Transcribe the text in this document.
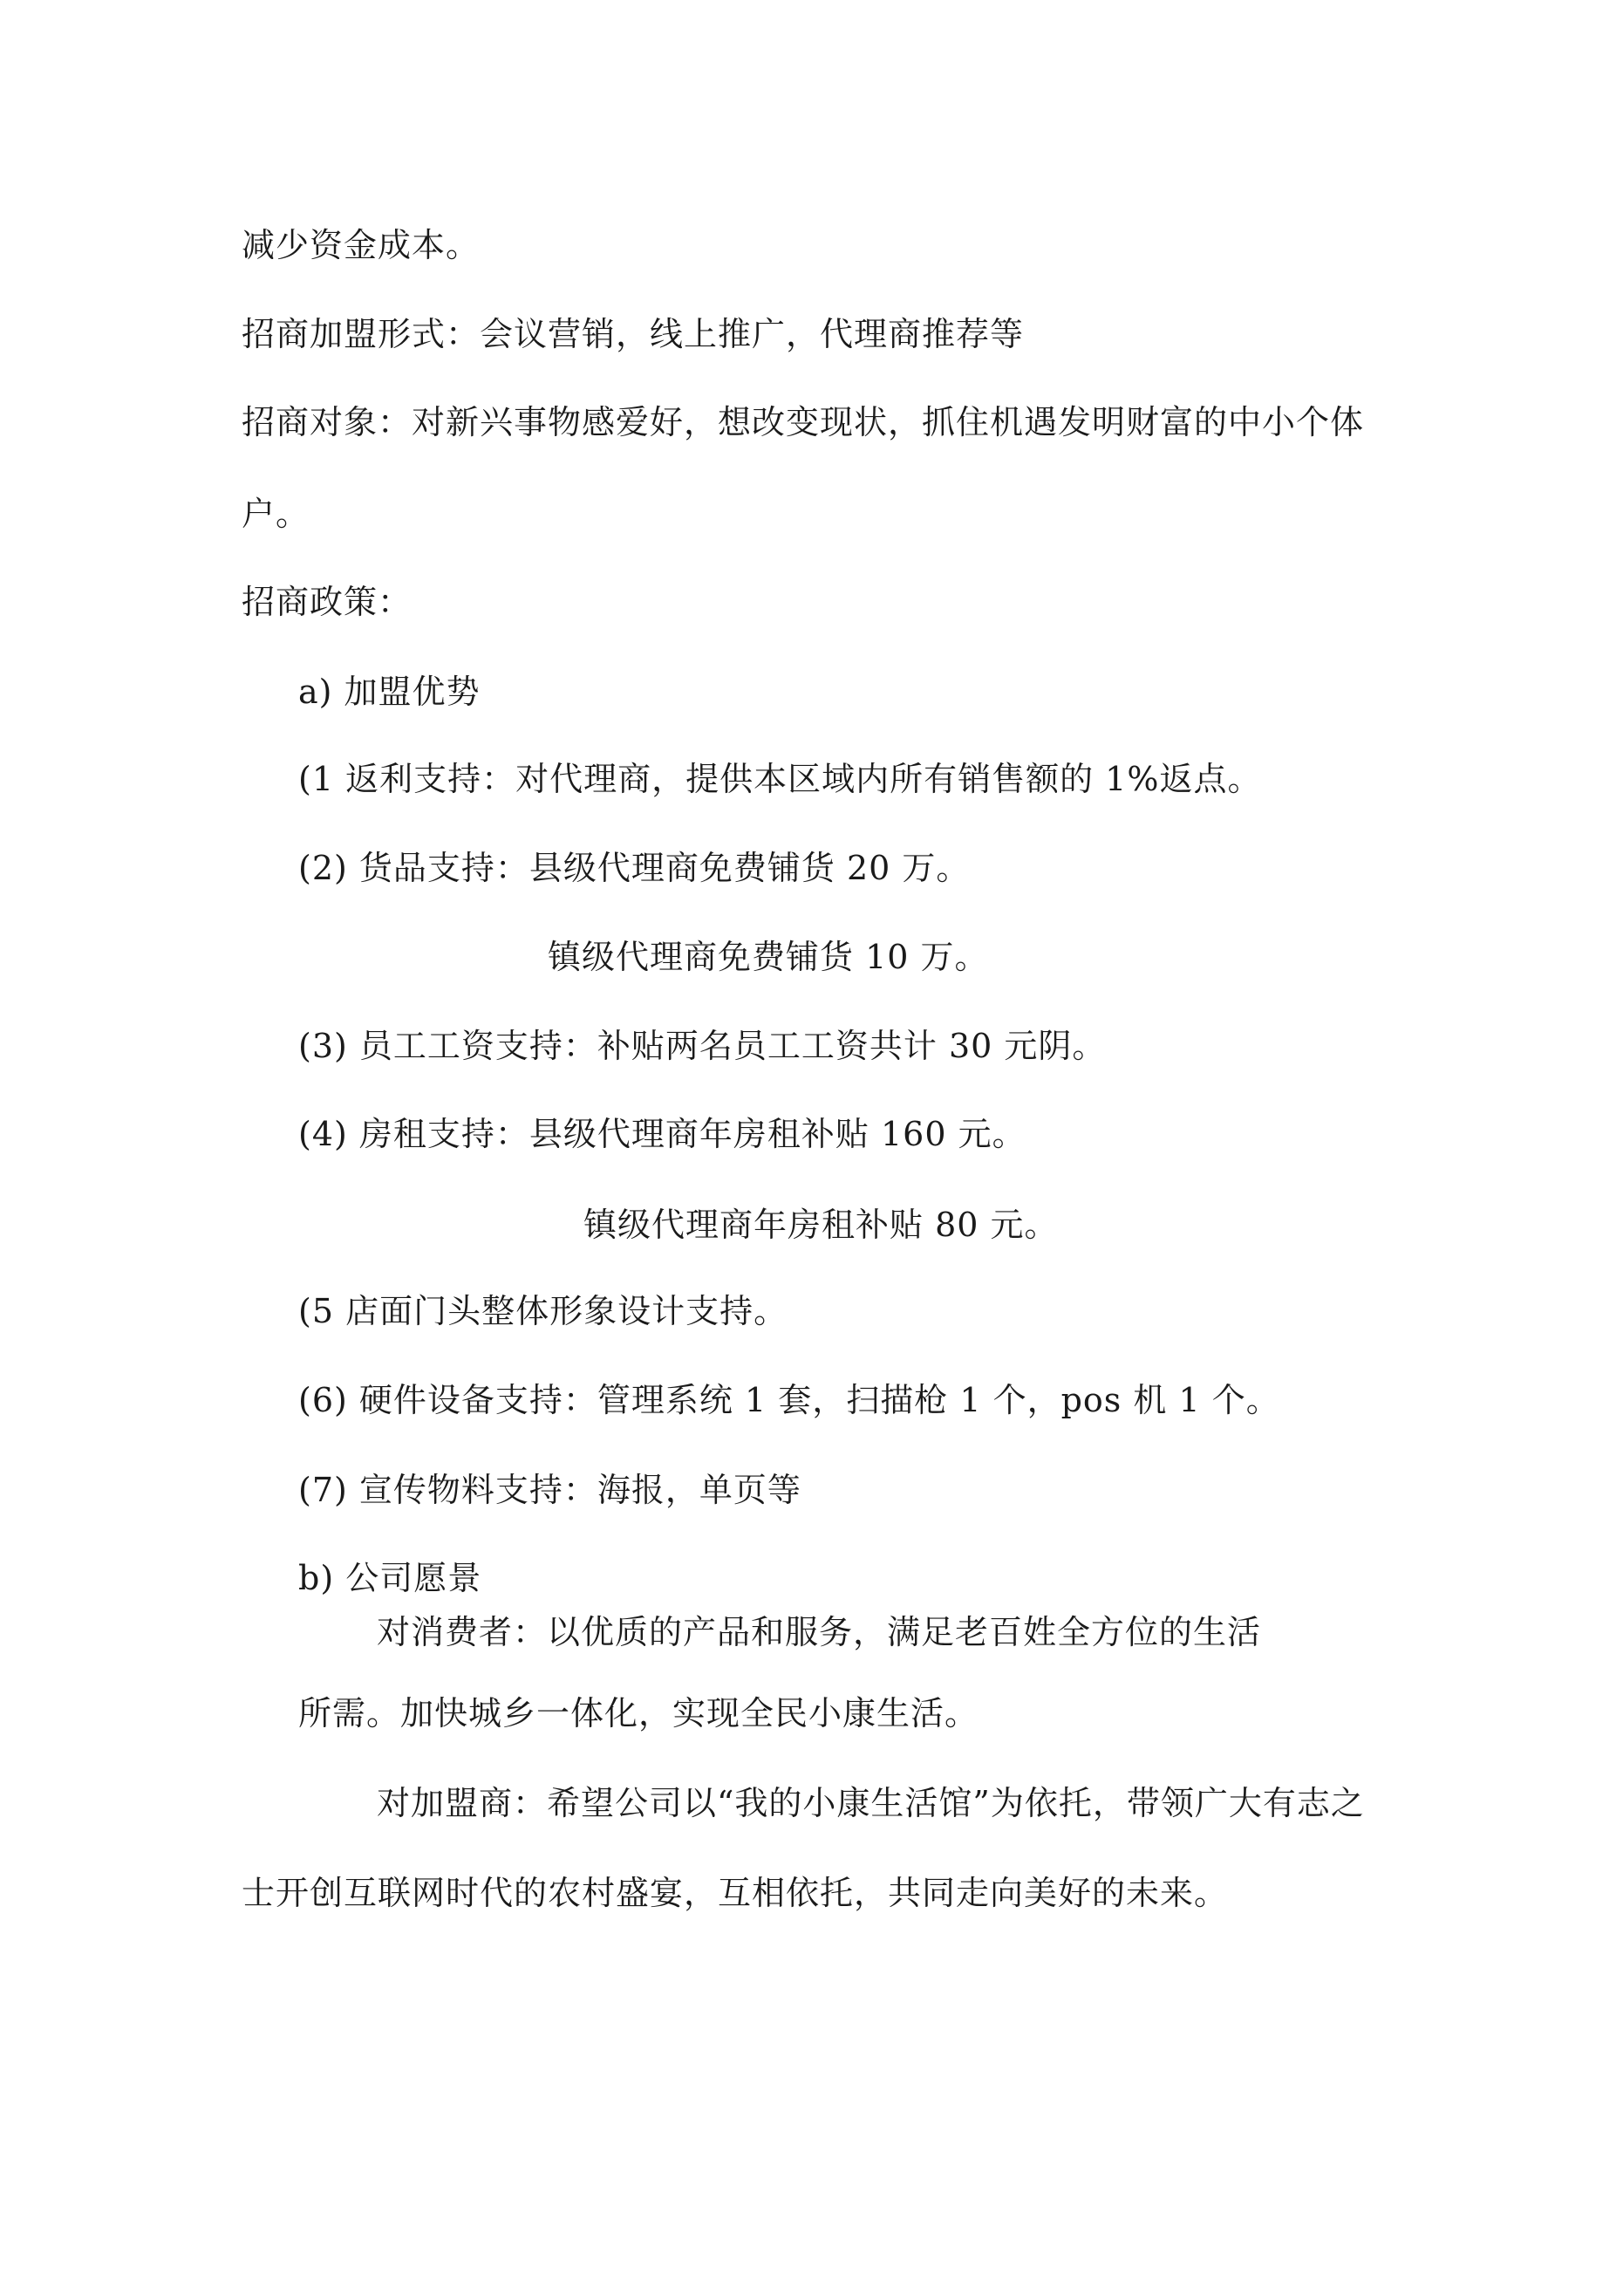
减少资金成本。
招商加盟形式：会议营销，线上推广，代理商推荐等
招商对象：对新兴事物感爱好，想改变现状，抓住机遇发明财富的中小个体
户。
招商政策：
a) 加盟优势
(1 返利支持：对代理商，提供本区域内所有销售额的 1%返点。
(2) 货品支持：县级代理商免费铺货 20 万。
镇级代理商免费铺货 10 万。
(3) 员工工资支持：补贴两名员工工资共计 30 元阴。
(4) 房租支持：县级代理商年房租补贴 160 元。
镇级代理商年房租补贴 80 元。
(5 店面门头整体形象设计支持。
(6) 硬件设备支持：管理系统 1 套，扫描枪 1 个，pos 机 1 个。
(7) 宣传物料支持：海报，单页等
b) 公司愿景
对消费者：以优质的产品和服务，满足老百姓全方位的生活
所需。加快城乡一体化，实现全民小康生活。
对加盟商：希望公司以“我的小康生活馆”为依托，带领广大有志之
士开创互联网时代的农村盛宴，互相依托，共同走向美好的未来。
